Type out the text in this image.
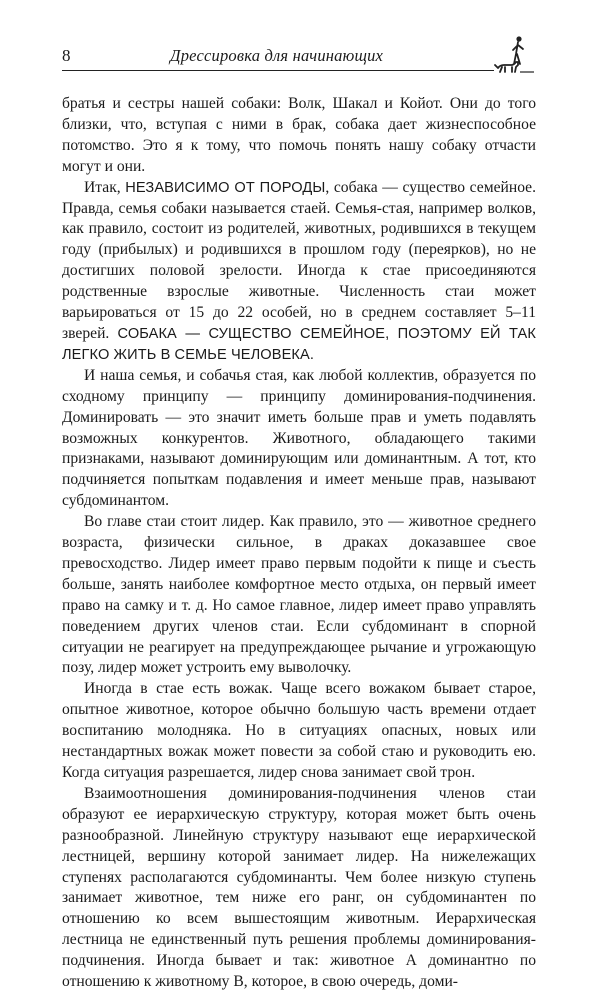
8	Дрессировка для начинающих

братья и сестры нашей собаки: Волк, Шакал и Койот. Они до того близки, что, вступая с ними в брак, собака дает жизнеспособное потомство. Это я к тому, что помочь понять нашу собаку отчасти могут и они.

Итак, НЕЗАВИСИМО ОТ ПОРОДЫ, собака — существо семейное. Правда, семья собаки называется стаей. Семья-стая, например волков, как правило, состоит из родителей, животных, родившихся в текущем году (прибылых) и родившихся в прошлом году (переярков), но не достигших половой зрелости. Иногда к стае присоединяются родственные взрослые животные. Численность стаи может варьироваться от 15 до 22 особей, но в среднем составляет 5–11 зверей. СОБАКА — СУЩЕСТВО СЕМЕЙНОЕ, ПОЭТОМУ ЕЙ ТАК ЛЕГКО ЖИТЬ В СЕМЬЕ ЧЕЛОВЕКА.

И наша семья, и собачья стая, как любой коллектив, образуется по сходному принципу — принципу доминирования-подчинения. Доминировать — это значит иметь больше прав и уметь подавлять возможных конкурентов. Животного, обладающего такими признаками, называют доминирующим или доминантным. А тот, кто подчиняется попыткам подавления и имеет меньше прав, называют субдоминантом.

Во главе стаи стоит лидер. Как правило, это — животное среднего возраста, физически сильное, в драках доказавшее свое превосходство. Лидер имеет право первым подойти к пище и съесть больше, занять наиболее комфортное место отдыха, он первый имеет право на самку и т. д. Но самое главное, лидер имеет право управлять поведением других членов стаи. Если субдоминант в спорной ситуации не реагирует на предупреждающее рычание и угрожающую позу, лидер может устроить ему выволочку.

Иногда в стае есть вожак. Чаще всего вожаком бывает старое, опытное животное, которое обычно большую часть времени отдает воспитанию молодняка. Но в ситуациях опасных, новых или нестандартных вожак может повести за собой стаю и руководить ею. Когда ситуация разрешается, лидер снова занимает свой трон.

Взаимоотношения доминирования-подчинения членов стаи образуют ее иерархическую структуру, которая может быть очень разнообразной. Линейную структуру называют еще иерархической лестницей, вершину которой занимает лидер. На нижележащих ступенях располагаются субдоминанты. Чем более низкую ступень занимает животное, тем ниже его ранг, он субдоминантен по отношению ко всем вышестоящим животным. Иерархическая лестница не единственный путь решения проблемы доминирования-подчинения. Иногда бывает и так: животное А доминантно по отношению к животному В, которое, в свою очередь, доми-
